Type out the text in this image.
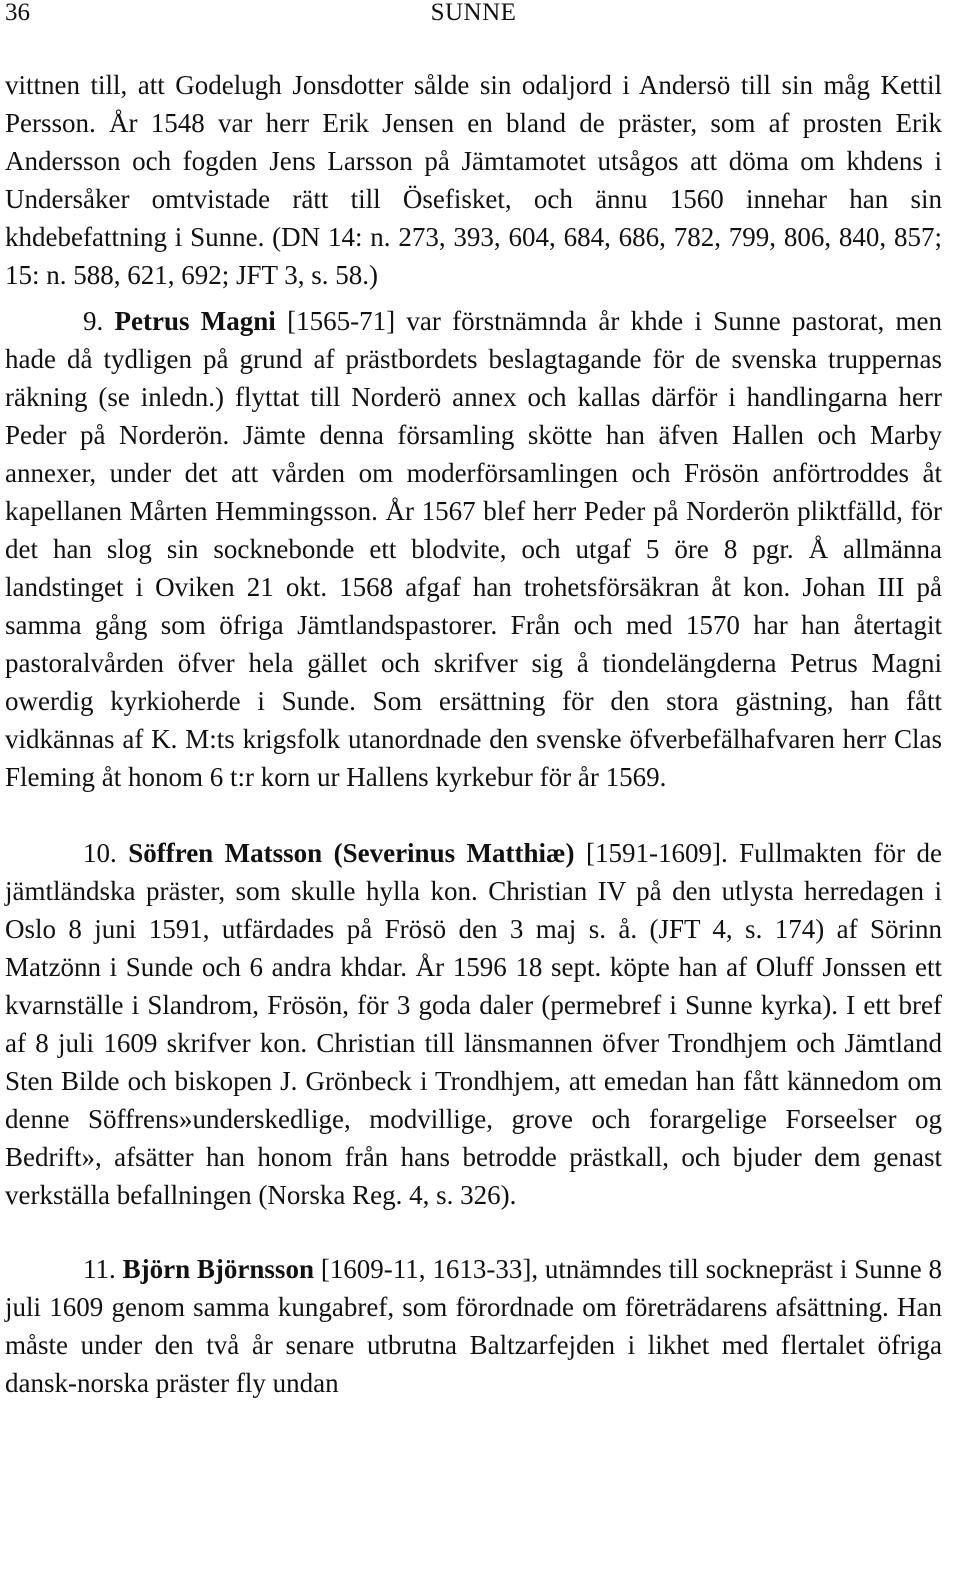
36	SUNNE

vittnen till, att Godelugh Jonsdotter sålde sin odaljord i Andersö till sin måg Kettil Persson. År 1548 var herr Erik Jensen en bland de präster, som af prosten Erik Andersson och fogden Jens Larsson på Jämtamotet utsågos att döma om khdens i Undersåker omtvistade rätt till Ösefisket, och ännu 1560 innehar han sin khdebefattning i Sunne. (DN 14: n. 273, 393, 604, 684, 686, 782, 799, 806, 840, 857; 15: n. 588, 621, 692; JFT 3, s. 58.)

9. Petrus Magni [1565-71] var förstnämnda år khde i Sunne pastorat, men hade då tydligen på grund af prästbordets beslagtagande för de svenska truppernas räkning (se inledn.) flyttat till Norderö annex och kallas därför i handlingarna herr Peder på Norderön. Jämte denna församling skötte han äfven Hallen och Marby annexer, under det att vården om moderförsamlingen och Frösön anförtroddes åt kapellanen Mårten Hemmingsson. År 1567 blef herr Peder på Norderön pliktfälld, för det han slog sin socknebonde ett blodvite, och utgaf 5 öre 8 pgr. Å allmänna landstinget i Oviken 21 okt. 1568 afgaf han trohetsförsäkran åt kon. Johan III på samma gång som öfriga Jämtlandspastorer. Från och med 1570 har han återtagit pastoralvården öfver hela gället och skrifver sig å tiondelängderna Petrus Magni owerdig kyrkioherde i Sunde. Som ersättning för den stora gästning, han fått vidkännas af K. M:ts krigsfolk utanordnade den svenske öfverbefälhafvaren herr Clas Fleming åt honom 6 t:r korn ur Hallens kyrkebur för år 1569.

10. Söffren Matsson (Severinus Matthiæ) [1591-1609]. Fullmakten för de jämtländska präster, som skulle hylla kon. Christian IV på den utlysta herredagen i Oslo 8 juni 1591, utfärdades på Frösö den 3 maj s. å. (JFT 4, s. 174) af Sörinn Matzönn i Sunde och 6 andra khdar. År 1596 18 sept. köpte han af Oluff Jonssen ett kvarnställe i Slandrom, Frösön, för 3 goda daler (permebref i Sunne kyrka). I ett bref af 8 juli 1609 skrifver kon. Christian till länsmannen öfver Trondhjem och Jämtland Sten Bilde och biskopen J. Grönbeck i Trondhjem, att emedan han fått kännedom om denne Söffrens»underskedlige, modvillige, grove och forargelige Forseelser og Bedrift», afsätter han honom från hans betrodde prästkall, och bjuder dem genast verkställa befallningen (Norska Reg. 4, s. 326).

11. Björn Björnsson [1609-11, 1613-33], utnämndes till socknepräst i Sunne 8 juli 1609 genom samma kungabref, som förordnade om företrädarens afsättning. Han måste under den två år senare utbrutna Baltzarfejden i likhet med flertalet öfriga dansk-norska präster fly undan
